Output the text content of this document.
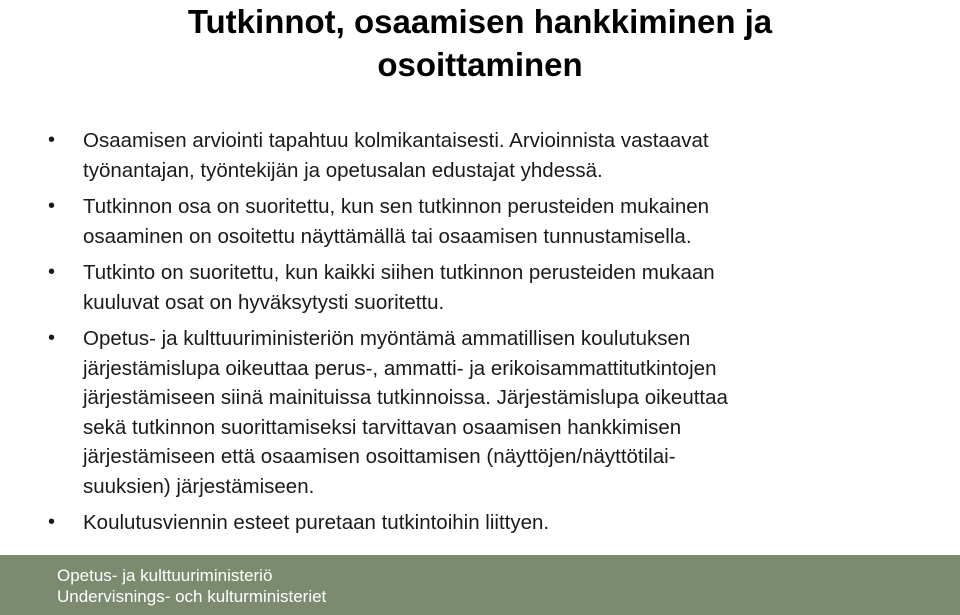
Tutkinnot, osaamisen hankkiminen ja
osoittaminen
• Osaamisen arviointi tapahtuu kolmikantaisesti. Arvioinnista vastaavat
työnantajan, työntekijän ja opetusalan edustajat yhdessä.
• Tutkinnon osa on suoritettu, kun sen tutkinnon perusteiden mukainen
osaaminen on osoitettu näyttämällä tai osaamisen tunnustamisella.
• Tutkinto on suoritettu, kun kaikki siihen tutkinnon perusteiden mukaan
kuuluvat osat on hyväksytysti suoritettu.
• Opetus- ja kulttuuriministeriön myöntämä ammatillisen koulutuksen
järjestämislupa oikeuttaa perus-, ammatti- ja erikoisammattitutkintojen
järjestämiseen siinä mainituissa tutkinnoissa. Järjestämislupa oikeuttaa
sekä tutkinnon suorittamiseksi tarvittavan osaamisen hankkimisen
järjestämiseen että osaamisen osoittamisen (näyttöjen/näyttötilai-
suuksien) järjestämiseen.
• Koulutusviennin esteet puretaan tutkintoihin liittyen.
Opetus- ja kulttuuriministeriö
Undervisnings- och kulturministeriet
